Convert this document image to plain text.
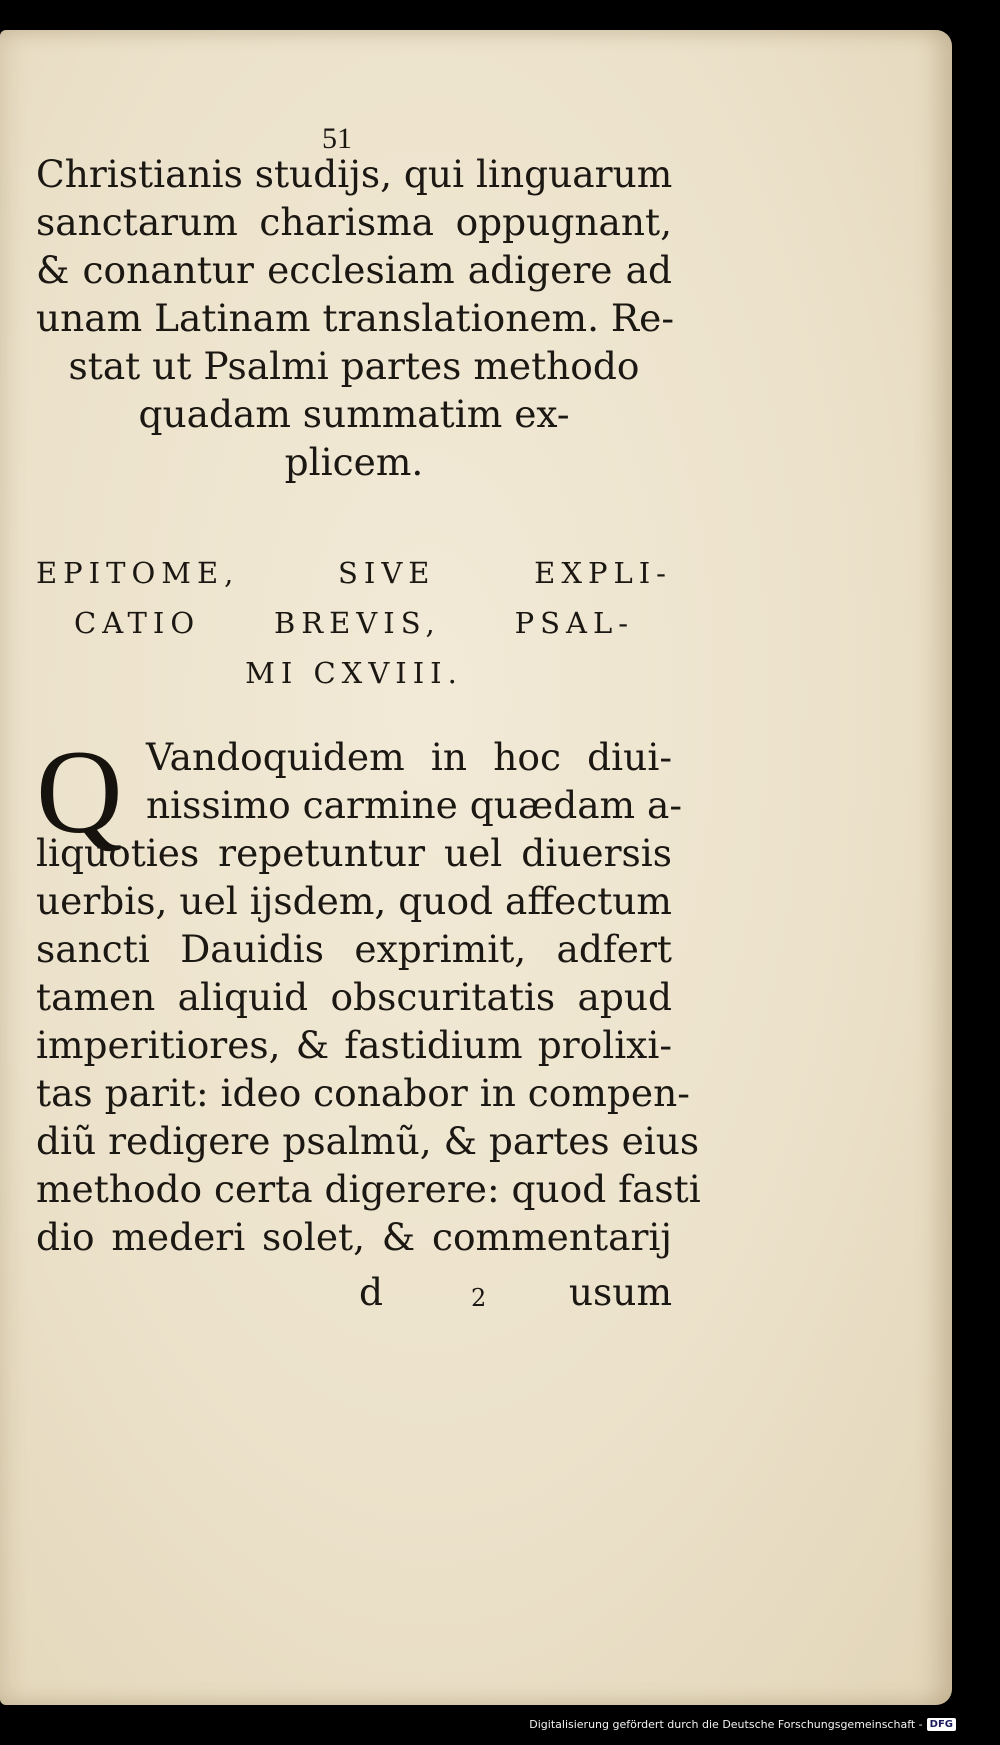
51
Christianis studijs, qui linguarum
sanctarum charisma oppugnant,
& conantur ecclesiam adigere ad
unam Latinam translationem. Re-
stat ut Psalmi partes methodo
quadam summatim ex-
plicem.
EPITOME, SIVE EXPLI-
CATIO BREVIS, PSAL-
MI CXVIII.
Q Vandoquidem in hoc diui-
nissimo carmine quædam a-
liquoties repetuntur uel diuersis
uerbis, uel ijsdem, quod affectum
sancti Dauidis exprimit, adfert
tamen aliquid obscuritatis apud
imperitiores, & fastidium prolixi-
tas parit: ideo conabor in compen-
diũ redigere psalmũ, & partes eius
methodo certa digerere: quod fasti
dio mederi solet, & commentarij
d	2 usum
Digitalisierung gefördert durch die Deutsche Forschungsgemeinschaft - DFG
